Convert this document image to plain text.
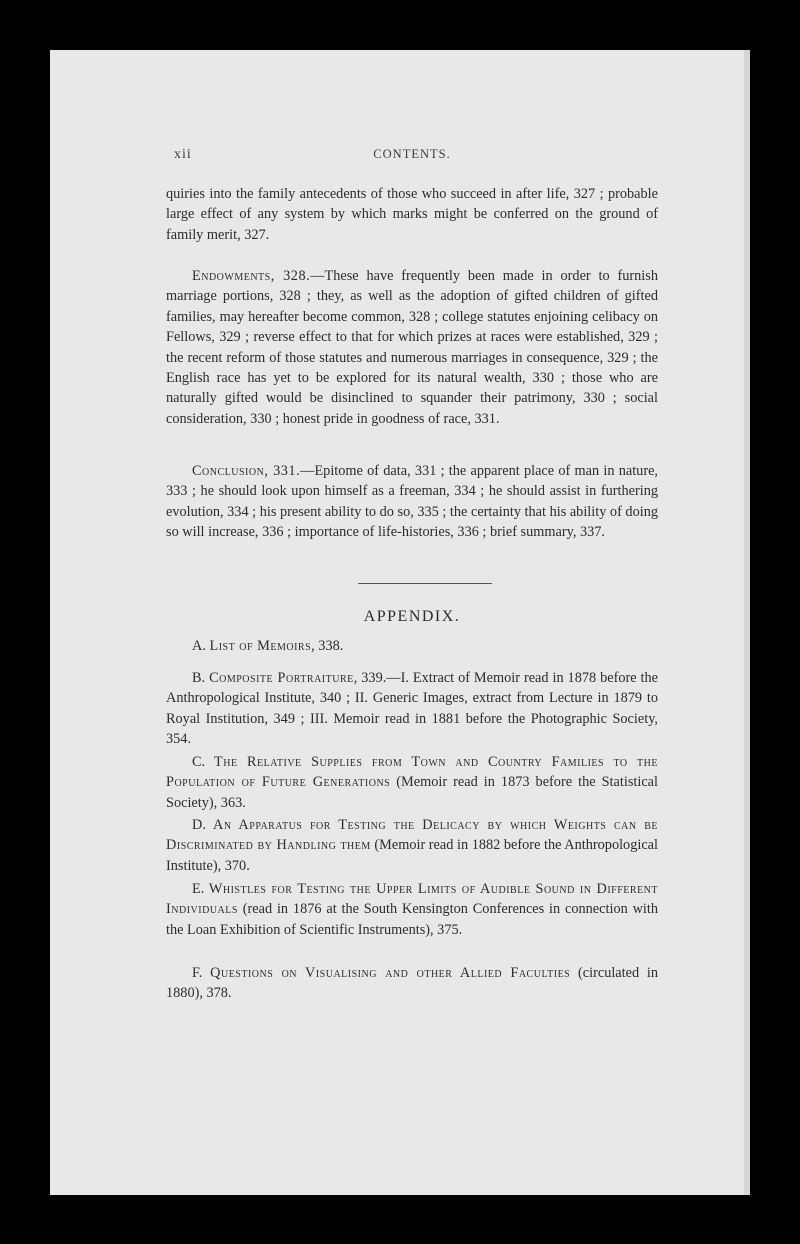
xii	CONTENTS.

quiries into the family antecedents of those who succeed in after life, 327 ; probable large effect of any system by which marks might be conferred on the ground of family merit, 327.

Endowments, 328.—These have frequently been made in order to furnish marriage portions, 328 ; they, as well as the adoption of gifted children of gifted families, may hereafter become common, 328 ; college statutes enjoining celibacy on Fellows, 329 ; reverse effect to that for which prizes at races were established, 329 ; the recent reform of those statutes and numerous marriages in consequence, 329 ; the English race has yet to be explored for its natural wealth, 330 ; those who are naturally gifted would be disinclined to squander their patrimony, 330 ; social consideration, 330 ; honest pride in goodness of race, 331.

Conclusion, 331.—Epitome of data, 331 ; the apparent place of man in nature, 333 ; he should look upon himself as a freeman, 334 ; he should assist in furthering evolution, 334 ; his present ability to do so, 335 ; the certainty that his ability of doing so will increase, 336 ; importance of life-histories, 336 ; brief summary, 337.

APPENDIX.

A. List of Memoirs, 338.

B. Composite Portraiture, 339.—I. Extract of Memoir read in 1878 before the Anthropological Institute, 340 ; II. Generic Images, extract from Lecture in 1879 to Royal Institution, 349 ; III. Memoir read in 1881 before the Photographic Society, 354.

C. The Relative Supplies from Town and Country Families to the Population of Future Generations (Memoir read in 1873 before the Statistical Society), 363.

D. An Apparatus for Testing the Delicacy by which Weights can be Discriminated by Handling them (Memoir read in 1882 before the Anthropological Institute), 370.

E. Whistles for Testing the Upper Limits of Audible Sound in Different Individuals (read in 1876 at the South Kensington Conferences in connection with the Loan Exhibition of Scientific Instruments), 375.

F. Questions on Visualising and other Allied Faculties (circulated in 1880), 378.
